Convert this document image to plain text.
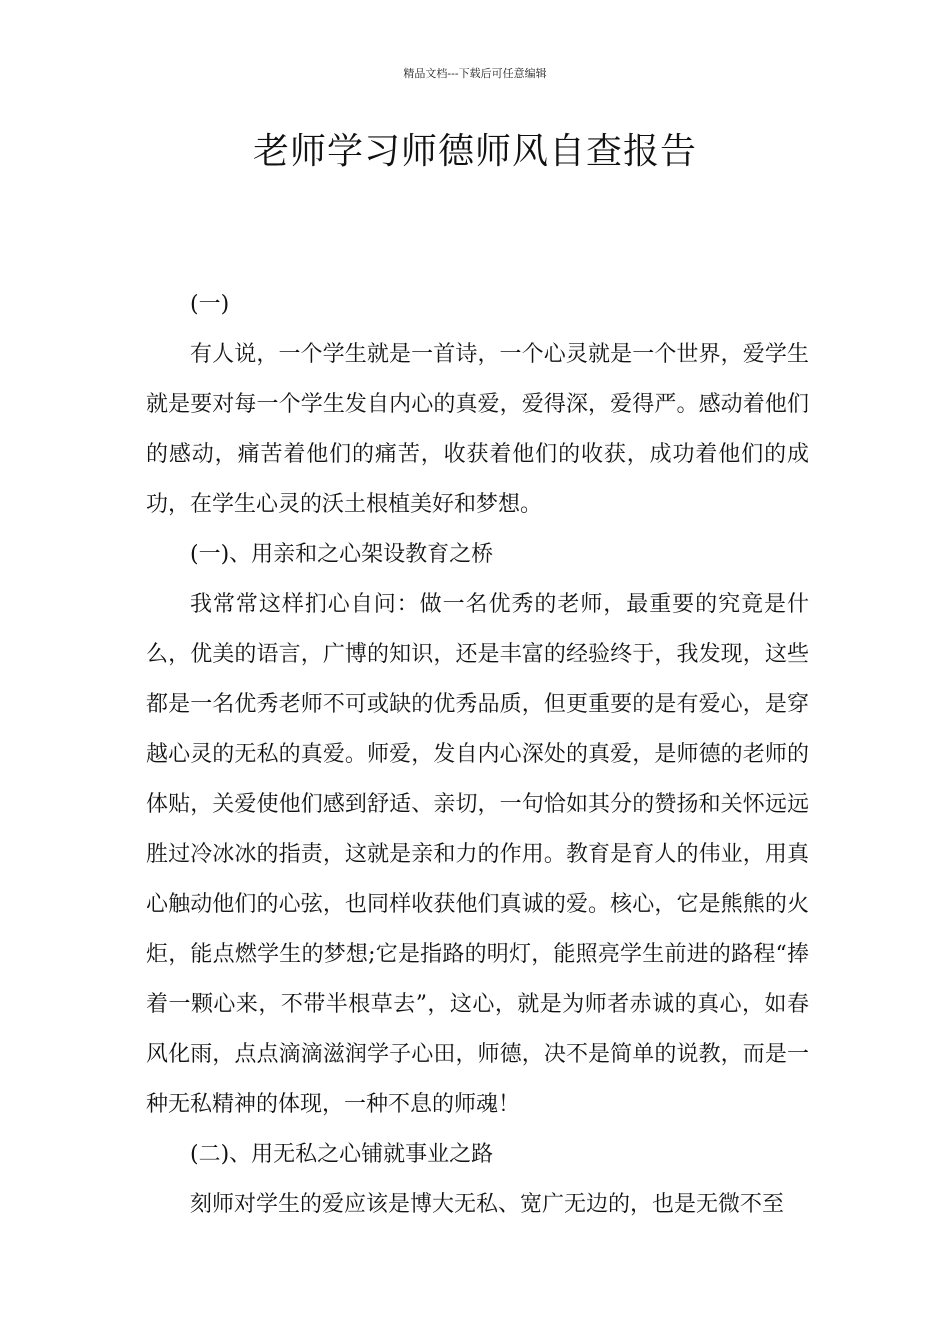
精品文档---下载后可任意编辑
老师学习师德师风自查报告

(一)

有人说，一个学生就是一首诗，一个心灵就是一个世界，爱学生就是要对每一个学生发自内心的真爱，爱得深，爱得严。感动着他们的感动，痛苦着他们的痛苦，收获着他们的收获，成功着他们的成功，在学生心灵的沃土根植美好和梦想。

(一)、用亲和之心架设教育之桥

我常常这样扪心自问：做一名优秀的老师，最重要的究竟是什么，优美的语言，广博的知识，还是丰富的经验终于，我发现，这些都是一名优秀老师不可或缺的优秀品质，但更重要的是有爱心，是穿越心灵的无私的真爱。师爱，发自内心深处的真爱，是师德的老师的体贴，关爱使他们感到舒适、亲切，一句恰如其分的赞扬和关怀远远胜过冷冰冰的指责，这就是亲和力的作用。教育是育人的伟业，用真心触动他们的心弦，也同样收获他们真诚的爱。核心，它是熊熊的火炬，能点燃学生的梦想;它是指路的明灯，能照亮学生前进的路程“捧着一颗心来，不带半根草去”，这心，就是为师者赤诚的真心，如春风化雨，点点滴滴滋润学子心田，师德，决不是简单的说教，而是一种无私精神的体现，一种不息的师魂！

(二)、用无私之心铺就事业之路

刻师对学生的爱应该是博大无私、宽广无边的，也是无微不至
